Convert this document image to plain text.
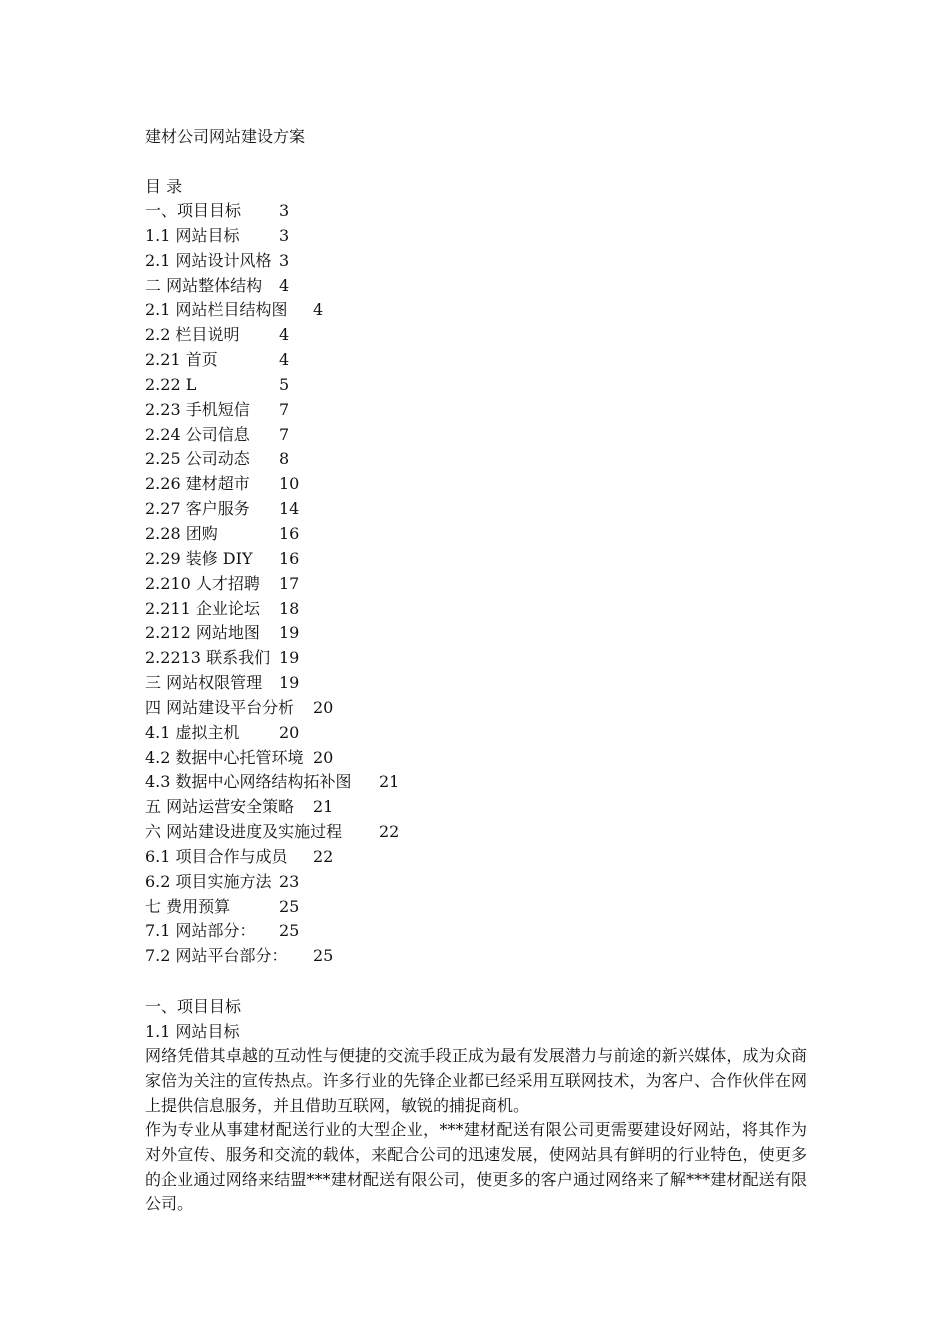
建材公司网站建设方案
目 录
一、项目目标 3
1.1 网站目标 3
2.1 网站设计风格 3
二 网站整体结构 4
2.1 网站栏目结构图 4
2.2 栏目说明 4
2.21 首页	4
2.22 L	5
2.23 手机短信 7
2.24 公司信息 7
2.25 公司动态 8
2.26 建材超市 10
2.27 客户服务 14
2.28 团购	16
2.29 装修 DIY 16
2.210 人才招聘 17
2.211 企业论坛 18
2.212 网站地图 19
2.2213 联系我们 19
三 网站权限管理 19
四 网站建设平台分析 20
4.1 虚拟主机 20
4.2 数据中心托管环境 20
4.3 数据中心网络结构拓补图 21
五 网站运营安全策略 21
六 网站建设进度及实施过程 22
6.1 项目合作与成员 22
6.2 项目实施方法 23
七 费用预算	25
7.1 网站部分： 25
7.2 网站平台部分： 25
一、项目目标
1.1 网站目标

网络凭借其卓越的互动性与便捷的交流手段正成为最有发展潜力与前途的新兴媒体，成为众商家倍为关注的宣传热点。许多行业的先锋企业都已经采用互联网技术，为客户、合作伙伴在网上提供信息服务，并且借助互联网，敏锐的捕捉商机。

作为专业从事建材配送行业的大型企业，***建材配送有限公司更需要建设好网站，将其作为对外宣传、服务和交流的载体，来配合公司的迅速发展，使网站具有鲜明的行业特色，使更多的企业通过网络来结盟***建材配送有限公司，使更多的客户通过网络来了解***建材配送有限公司。
